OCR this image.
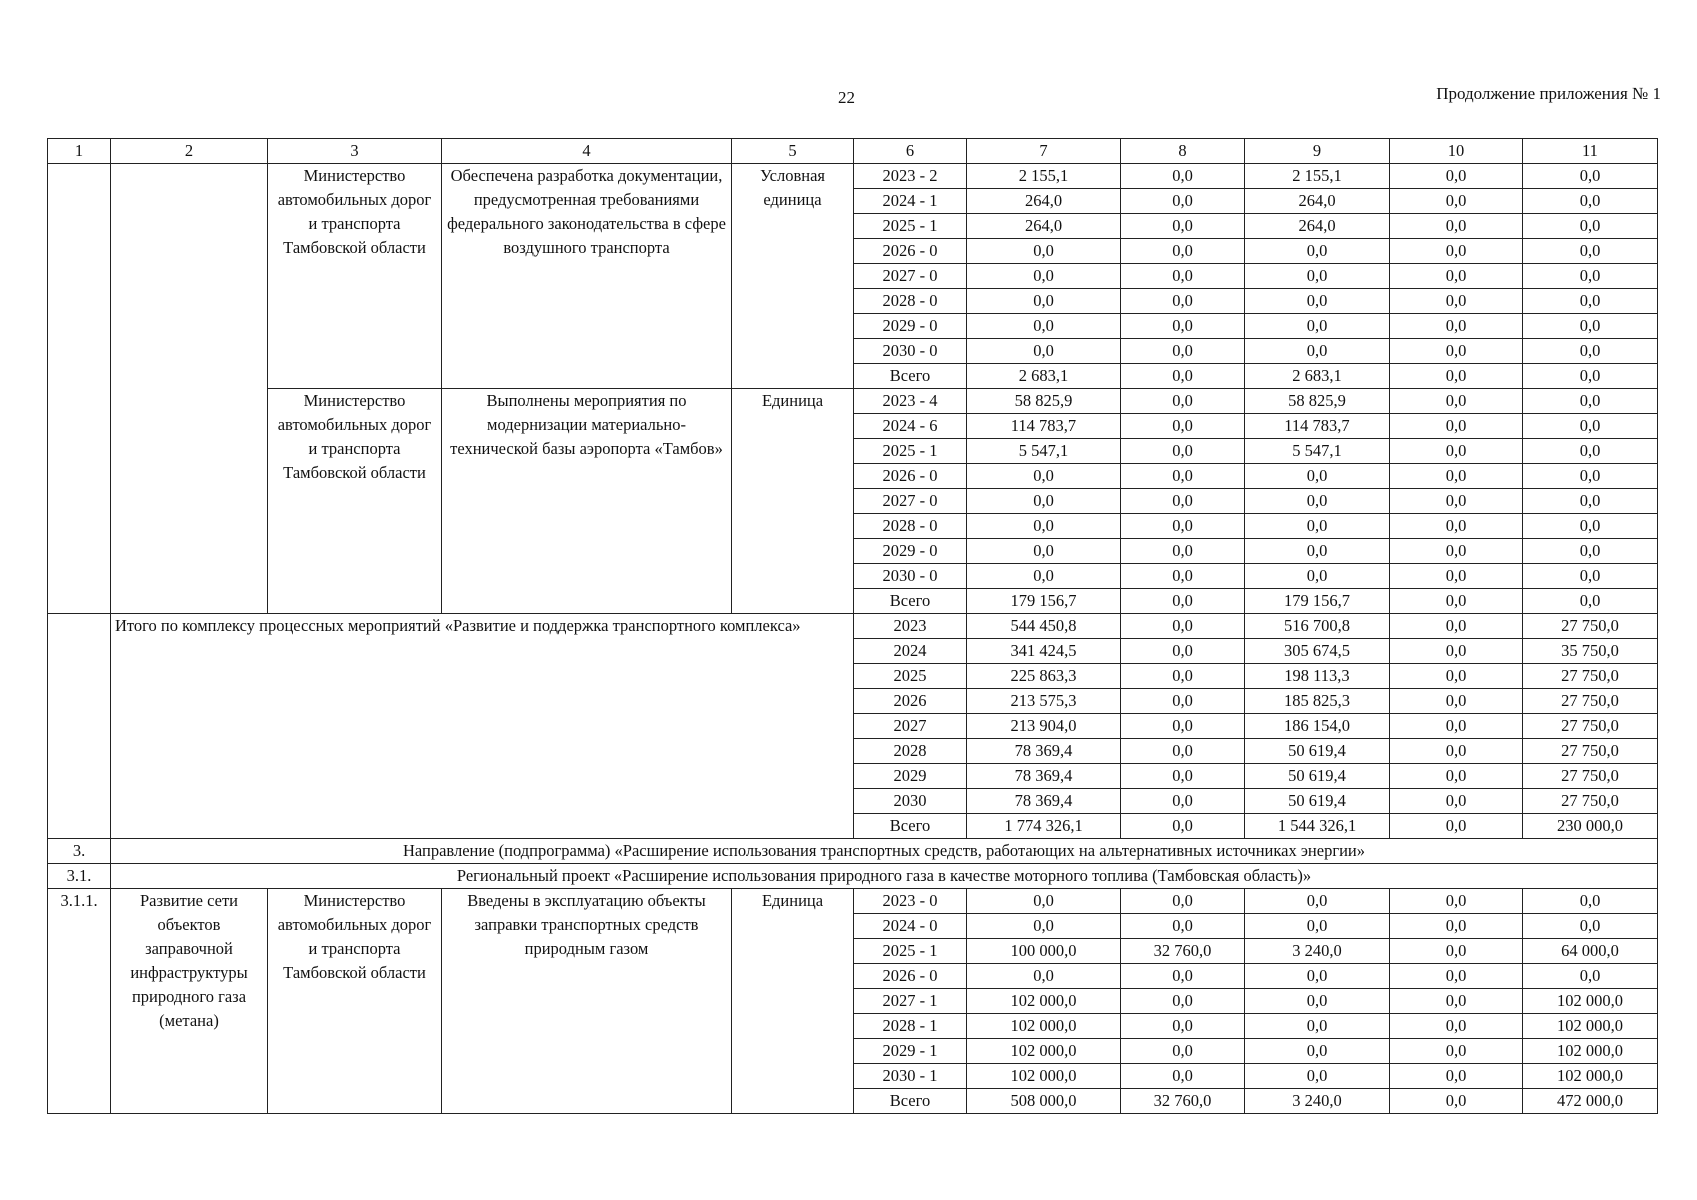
22	Продолжение приложения № 1
1	2	3	4	5	6	7	8	9	10	11
		Министерство автомобильных дорог и транспорта Тамбовской области	Обеспечена разработка документации, предусмотренная требованиями федерального законодательства в сфере воздушного транспорта	Условная единица	2023 - 2	2 155,1	0,0	2 155,1	0,0	0,0
					2024 - 1	264,0	0,0	264,0	0,0	0,0
					2025 - 1	264,0	0,0	264,0	0,0	0,0
					2026 - 0	0,0	0,0	0,0	0,0	0,0
					2027 - 0	0,0	0,0	0,0	0,0	0,0
					2028 - 0	0,0	0,0	0,0	0,0	0,0
					2029 - 0	0,0	0,0	0,0	0,0	0,0
					2030 - 0	0,0	0,0	0,0	0,0	0,0
					Всего	2 683,1	0,0	2 683,1	0,0	0,0
		Министерство автомобильных дорог и транспорта Тамбовской области	Выполнены мероприятия по модернизации материально-технической базы аэропорта «Тамбов»	Единица	2023 - 4	58 825,9	0,0	58 825,9	0,0	0,0
					2024 - 6	114 783,7	0,0	114 783,7	0,0	0,0
					2025 - 1	5 547,1	0,0	5 547,1	0,0	0,0
					2026 - 0	0,0	0,0	0,0	0,0	0,0
					2027 - 0	0,0	0,0	0,0	0,0	0,0
					2028 - 0	0,0	0,0	0,0	0,0	0,0
					2029 - 0	0,0	0,0	0,0	0,0	0,0
					2030 - 0	0,0	0,0	0,0	0,0	0,0
					Всего	179 156,7	0,0	179 156,7	0,0	0,0
	Итого по комплексу процессных мероприятий «Развитие и поддержка транспортного комплекса»				2023	544 450,8	0,0	516 700,8	0,0	27 750,0
					2024	341 424,5	0,0	305 674,5	0,0	35 750,0
					2025	225 863,3	0,0	198 113,3	0,0	27 750,0
					2026	213 575,3	0,0	185 825,3	0,0	27 750,0
					2027	213 904,0	0,0	186 154,0	0,0	27 750,0
					2028	78 369,4	0,0	50 619,4	0,0	27 750,0
					2029	78 369,4	0,0	50 619,4	0,0	27 750,0
					2030	78 369,4	0,0	50 619,4	0,0	27 750,0
					Всего	1 774 326,1	0,0	1 544 326,1	0,0	230 000,0
3.	Направление (подпрограмма) «Расширение использования транспортных средств, работающих на альтернативных источниках энергии»									
3.1.	Региональный проект «Расширение использования природного газа в качестве моторного топлива (Тамбовская область)»									
3.1.1.	Развитие сети объектов заправочной инфраструктуры природного газа (метана)	Министерство автомобильных дорог и транспорта Тамбовской области	Введены в эксплуатацию объекты заправки транспортных средств природным газом	Единица	2023 - 0	0,0	0,0	0,0	0,0	0,0
					2024 - 0	0,0	0,0	0,0	0,0	0,0
					2025 - 1	100 000,0	32 760,0	3 240,0	0,0	64 000,0
					2026 - 0	0,0	0,0	0,0	0,0	0,0
					2027 - 1	102 000,0	0,0	0,0	0,0	102 000,0
					2028 - 1	102 000,0	0,0	0,0	0,0	102 000,0
					2029 - 1	102 000,0	0,0	0,0	0,0	102 000,0
					2030 - 1	102 000,0	0,0	0,0	0,0	102 000,0
					Всего	508 000,0	32 760,0	3 240,0	0,0	472 000,0
